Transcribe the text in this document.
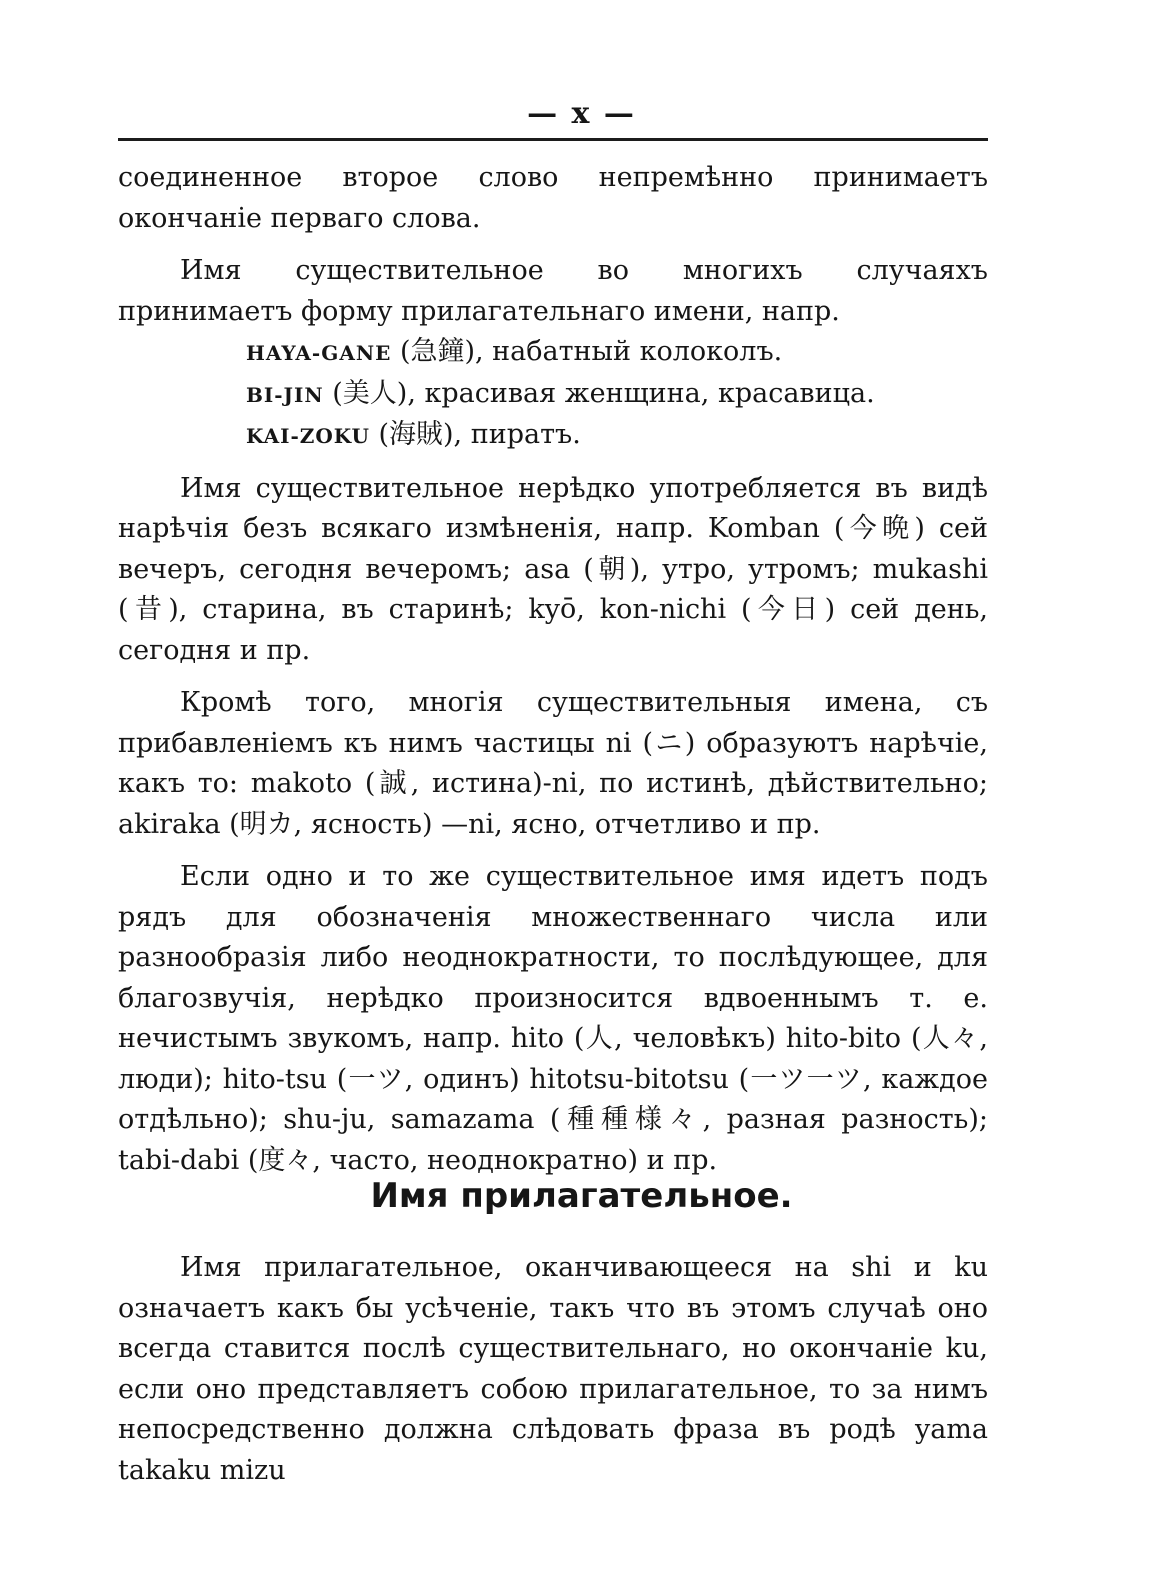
— x —

соединенное второе слово непремѣнно принимаетъ окончаніе перваго слова.

Имя существительное во многихъ случаяхъ принимаетъ форму прилагательнаго имени, напр.

HAYA-GANE (急鐘), набатный колоколъ.

BI-JIN (美人), красивая женщина, красавица.

KAI-ZOKU (海賊), пиратъ.

Имя существительное нерѣдко употребляется въ видѣ нарѣчія безъ всякаго измѣненія, напр. Komban (今晩) сей вечеръ, сегодня вечеромъ; asa (朝), утро, утромъ; mukashi (昔), старина, въ старинѣ; kyō, kon-nichi (今日) сей день, сегодня и пр.

Кромѣ того, многія существительныя имена, съ прибавленіемъ къ нимъ частицы ni (ニ) образуютъ нарѣчіе, какъ то: makoto (誠, истина)-ni, по истинѣ, дѣйствительно; akiraka (明カ, ясность) —ni, ясно, отчетливо и пр.

Если одно и то же существительное имя идетъ подъ рядъ для обозначенія множественнаго числа или разнообразія либо неоднократности, то послѣдующее, для благозвучія, нерѣдко произносится вдвоеннымъ т. е. нечистымъ звукомъ, напр. hito (人, человѣкъ) hito-bito (人々, люди); hito-tsu (一ツ, одинъ) hitotsu-bitotsu (一ツ一ツ, каждое отдѣльно); shu-ju, samazama (種種様々, разная разность); tabi-dabi (度々, часто, неоднократно) и пр.

Имя прилагательное.

Имя прилагательное, оканчивающееся на shi и ku означаетъ какъ бы усѣченіе, такъ что въ этомъ случаѣ оно всегда ставится послѣ существительнаго, но окончаніе ku, если оно представляетъ собою прилагательное, то за нимъ непосредственно должна слѣдовать фраза въ родѣ yama takaku mizu
